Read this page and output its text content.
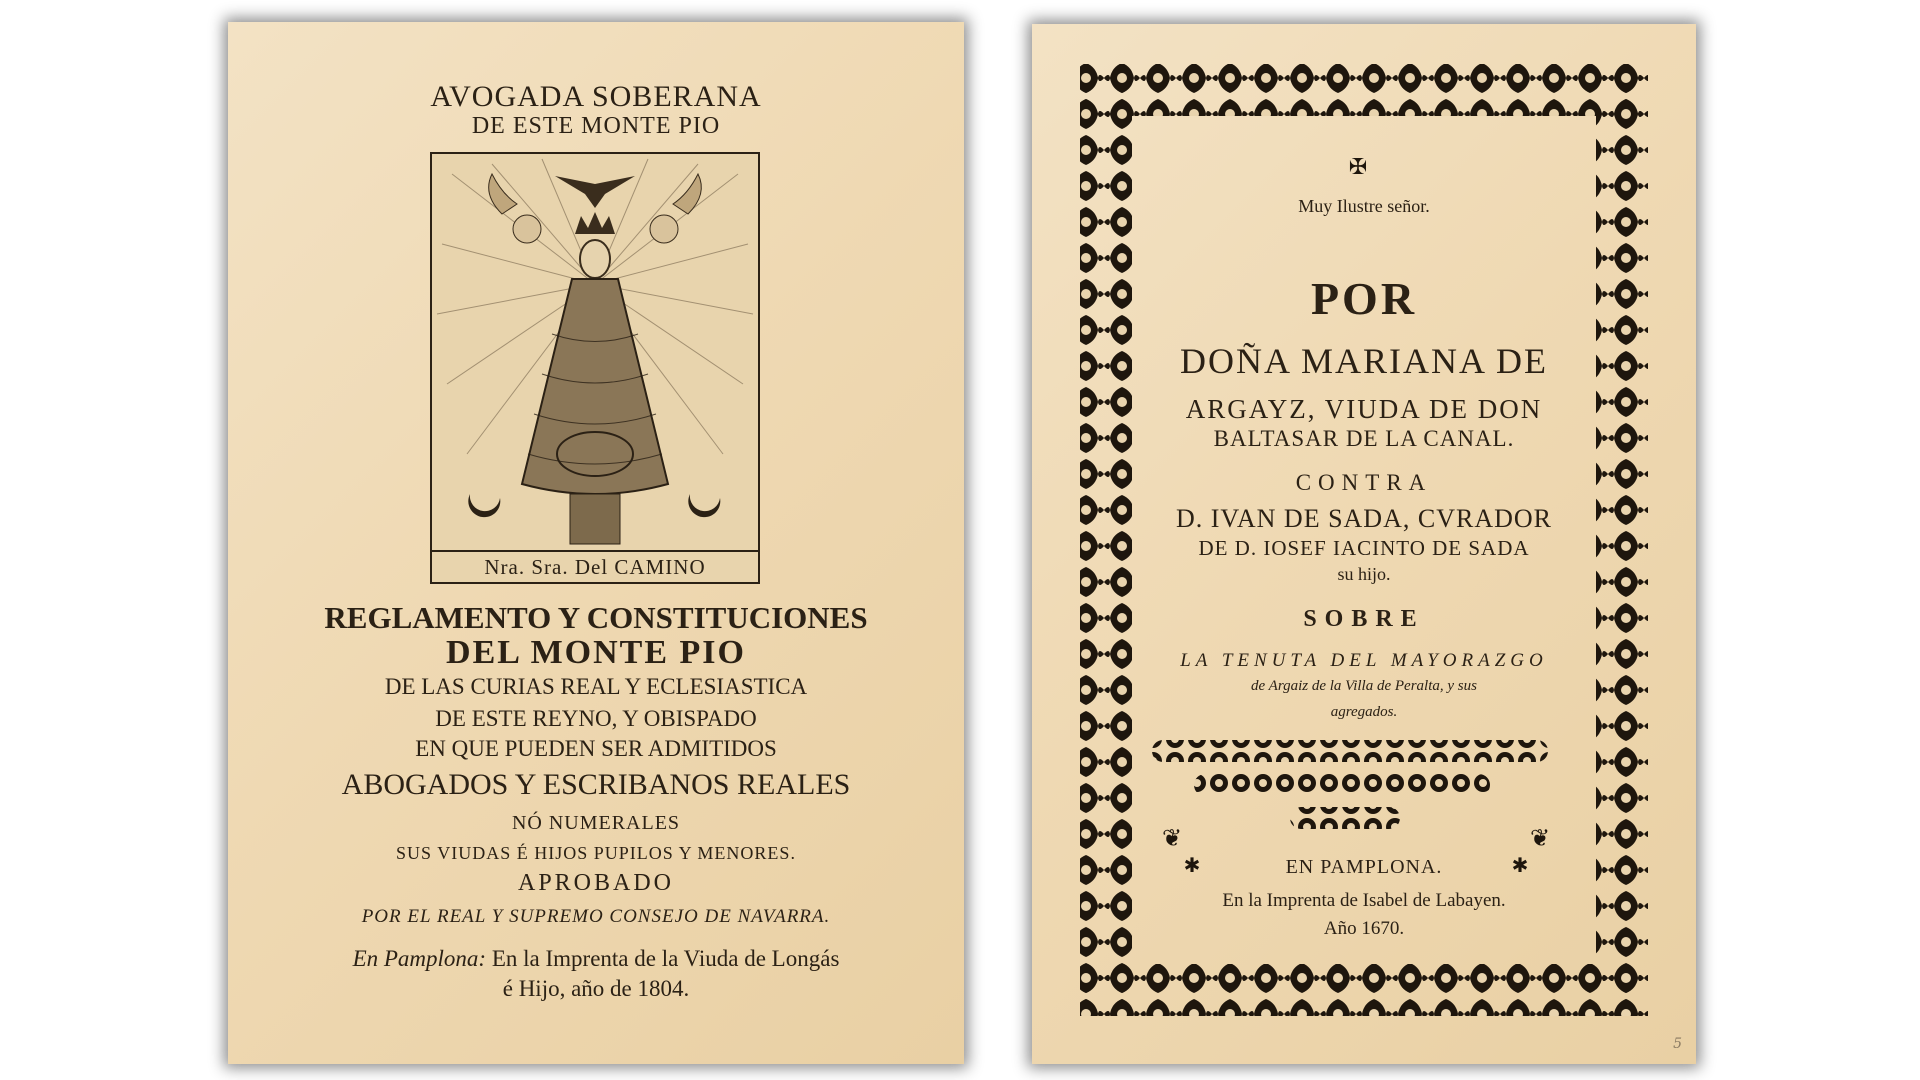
AVOGADA SOBERANA
DE ESTE MONTE PIO
Nra. Sra. Del CAMINO
REGLAMENTO Y CONSTITUCIONES
DEL MONTE PIO
DE LAS CURIAS REAL Y ECLESIASTICA
DE ESTE REYNO, Y OBISPADO
EN QUE PUEDEN SER ADMITIDOS
ABOGADOS Y ESCRIBANOS REALES
NÓ NUMERALES
SUS VIUDAS É HIJOS PUPILOS Y MENORES.
APROBADO
POR EL REAL Y SUPREMO CONSEJO DE NAVARRA.
En Pamplona: En la Imprenta de la Viuda de Longás
é Hijo, año de 1804.
✠
✱	✱
❦	❦
Muy Ilustre señor.
POR
DOÑA MARIANA DE
ARGAYZ, VIUDA DE DON
BALTASAR DE LA CANAL.
CONTRA
D. IVAN DE SADA, CVRADOR
DE D. IOSEF IACINTO DE SADA
su hijo.
SOBRE
LA TENUTA DEL MAYORAZGO
de Argaiz de la Villa de Peralta, y sus
agregados.
EN PAMPLONA.
En la Imprenta de Isabel de Labayen.
Año 1670.
5
